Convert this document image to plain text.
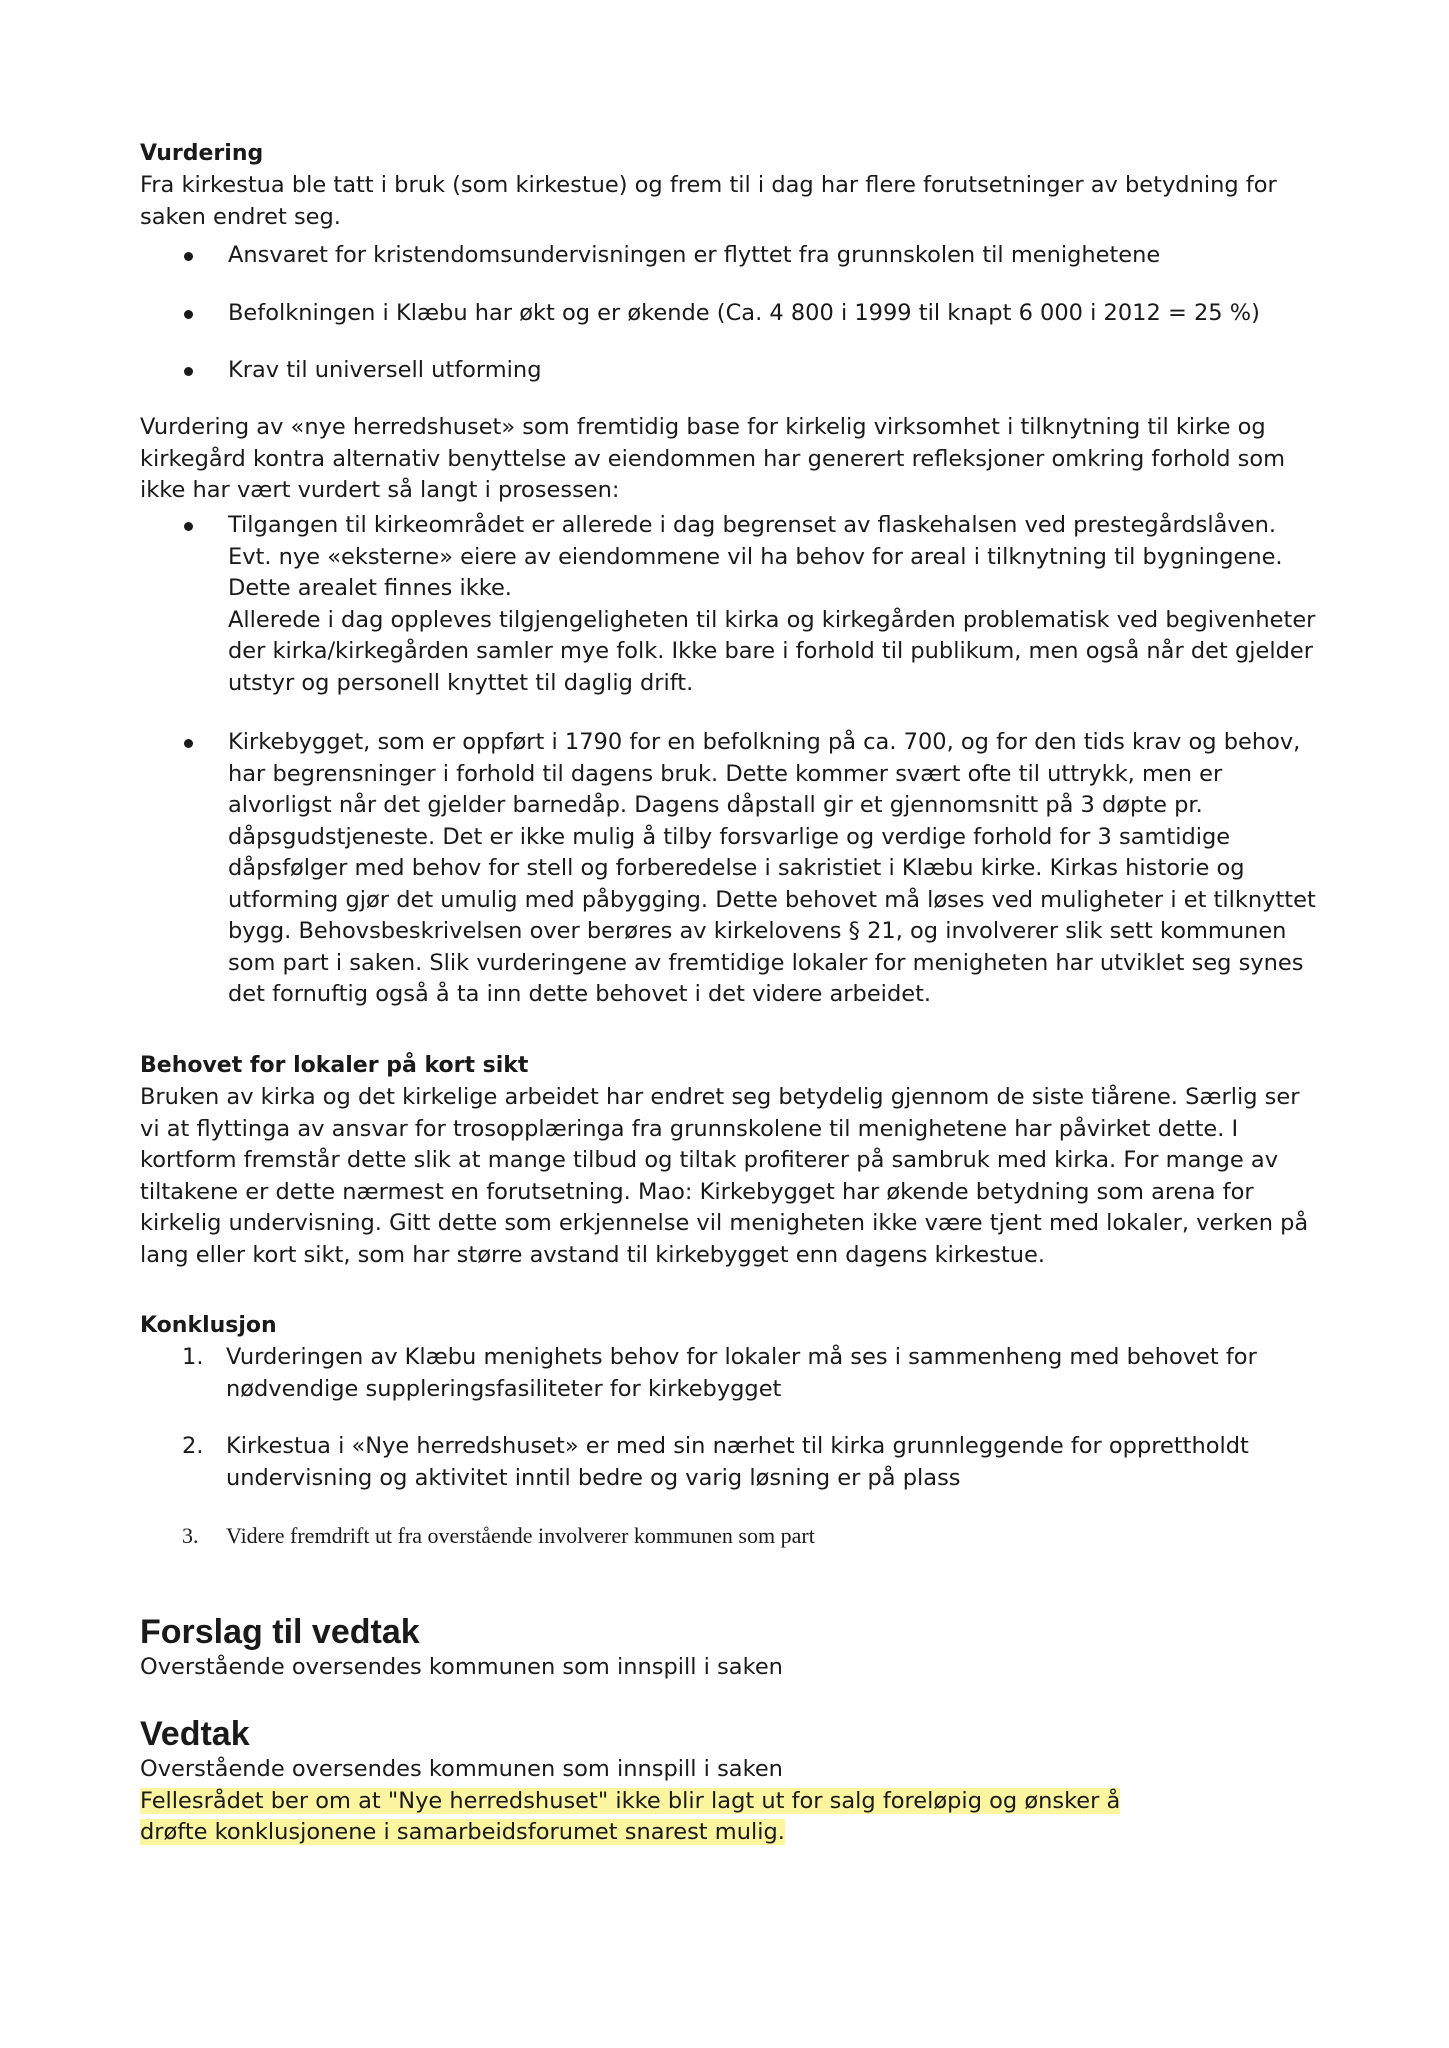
Vurdering

Fra kirkestua ble tatt i bruk (som kirkestue) og frem til i dag har flere forutsetninger av betydning for saken endret seg.

Ansvaret for kristendomsundervisningen er flyttet fra grunnskolen til menighetene
Befolkningen i Klæbu har økt og er økende (Ca. 4 800 i 1999 til knapt 6 000 i 2012 = 25 %)
Krav til universell utforming

Vurdering av «nye herredshuset» som fremtidig base for kirkelig virksomhet i tilknytning til kirke og kirkegård kontra alternativ benyttelse av eiendommen har generert refleksjoner omkring forhold som ikke har vært vurdert så langt i prosessen:

Tilgangen til kirkeområdet er allerede i dag begrenset av flaskehalsen ved prestegårdslåven. Evt. nye «eksterne» eiere av eiendommene vil ha behov for areal i tilknytning til bygningene. Dette arealet finnes ikke.
Allerede i dag oppleves tilgjengeligheten til kirka og kirkegården problematisk ved begivenheter der kirka/kirkegården samler mye folk. Ikke bare i forhold til publikum, men også når det gjelder utstyr og personell knyttet til daglig drift.
Kirkebygget, som er oppført i 1790 for en befolkning på ca. 700, og for den tids krav og behov, har begrensninger i forhold til dagens bruk. Dette kommer svært ofte til uttrykk, men er alvorligst når det gjelder barnedåp. Dagens dåpstall gir et gjennomsnitt på 3 døpte pr. dåpsgudstjeneste. Det er ikke mulig å tilby forsvarlige og verdige forhold for 3 samtidige dåpsfølger med behov for stell og forberedelse i sakristiet i Klæbu kirke. Kirkas historie og utforming gjør det umulig med påbygging. Dette behovet må løses ved muligheter i et tilknyttet bygg. Behovsbeskrivelsen over berøres av kirkelovens § 21, og involverer slik sett kommunen som part i saken. Slik vurderingene av fremtidige lokaler for menigheten har utviklet seg synes det fornuftig også å ta inn dette behovet i det videre arbeidet.

Behovet for lokaler på kort sikt

Bruken av kirka og det kirkelige arbeidet har endret seg betydelig gjennom de siste tiårene. Særlig ser vi at flyttinga av ansvar for trosopplæringa fra grunnskolene til menighetene har påvirket dette. I kortform fremstår dette slik at mange tilbud og tiltak profiterer på sambruk med kirka. For mange av tiltakene er dette nærmest en forutsetning. Mao: Kirkebygget har økende betydning som arena for kirkelig undervisning. Gitt dette som erkjennelse vil menigheten ikke være tjent med lokaler, verken på lang eller kort sikt, som har større avstand til kirkebygget enn dagens kirkestue.

Konklusjon

1. Vurderingen av Klæbu menighets behov for lokaler må ses i sammenheng med behovet for nødvendige suppleringsfasiliteter for kirkebygget
2. Kirkestua i «Nye herredshuset» er med sin nærhet til kirka grunnleggende for opprettholdt undervisning og aktivitet inntil bedre og varig løsning er på plass
3. Videre fremdrift ut fra overstående involverer kommunen som part

Forslag til vedtak

Overstående oversendes kommunen som innspill i saken

Vedtak

Overstående oversendes kommunen som innspill i saken

Fellesrådet ber om at "Nye herredshuset" ikke blir lagt ut for salg foreløpig og ønsker å drøfte konklusjonene i samarbeidsforumet snarest mulig.
